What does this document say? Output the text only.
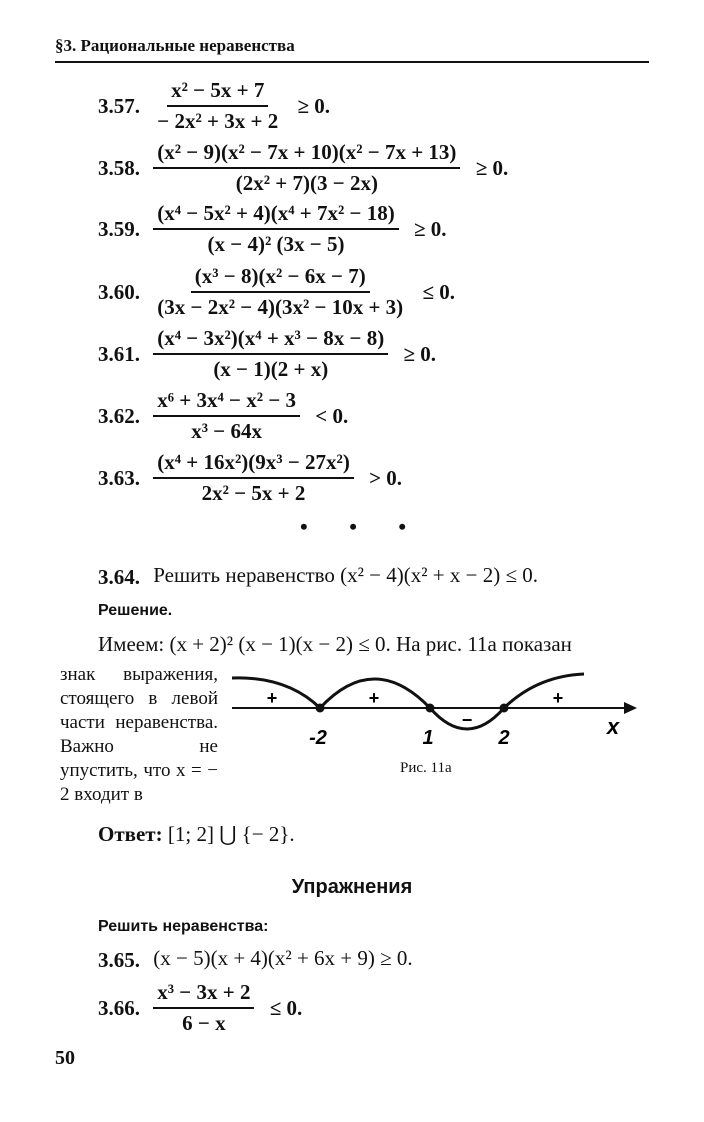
§3. Рациональные неравенства
3.57. $\frac{\text{x² − 5x + 7}}{\text{− 2x² + 3x + 2}} \ge 0$.
3.58. $\frac{\text{(x² − 9)(x² − 7x + 10)(x² − 7x + 13)}}{\text{(2x² + 7)(3 − 2x)}} \ge 0$.
3.59. $\frac{\text{(x⁴ − 5x² + 4)(x⁴ + 7x² − 18)}}{\text{(x − 4)² (3x − 5)}} \ge 0$.
3.60. $\frac{\text{(x³ − 8)(x² − 6x − 7)}}{\text{(3x − 2x² − 4)(3x² − 10x + 3)}} \le 0$.
3.61. $\frac{\text{(x⁴ − 3x²)(x⁴ + x³ − 8x − 8)}}{(x - 1)(2 + x)} \ge 0$.
3.62. $\frac{\text{x⁶ + 3x⁴ − x² − 3}}{\text{x³ − 64x}} < 0$.
3.63. $\frac{\text{(x⁴ + 16x²)(9x³ − 27x²)}}{\text{2x² − 5x + 2}} > 0$.
• • •
3.64. Решить неравенство (x² − 4)(x² + x − 2) ≤ 0.
Решение.
Имеем: (x + 2)² (x − 1)(x − 2) ≤ 0. На рис. 11а показан
знак выражения, стоящего в левой части неравенства. Важно не упустить, что x = − 2 входит в
+	+
−
+
-2	1	2	x
Рис. 11а
Ответ: [1; 2] ⋃ {− 2}.
Упражнения
Решить неравенства:
3.65. (x − 5)(x + 4)(x² + 6x + 9) ≥ 0.
3.66. $\frac{\text{x³ − 3x + 2}}{6 - x} \le 0$.
50
